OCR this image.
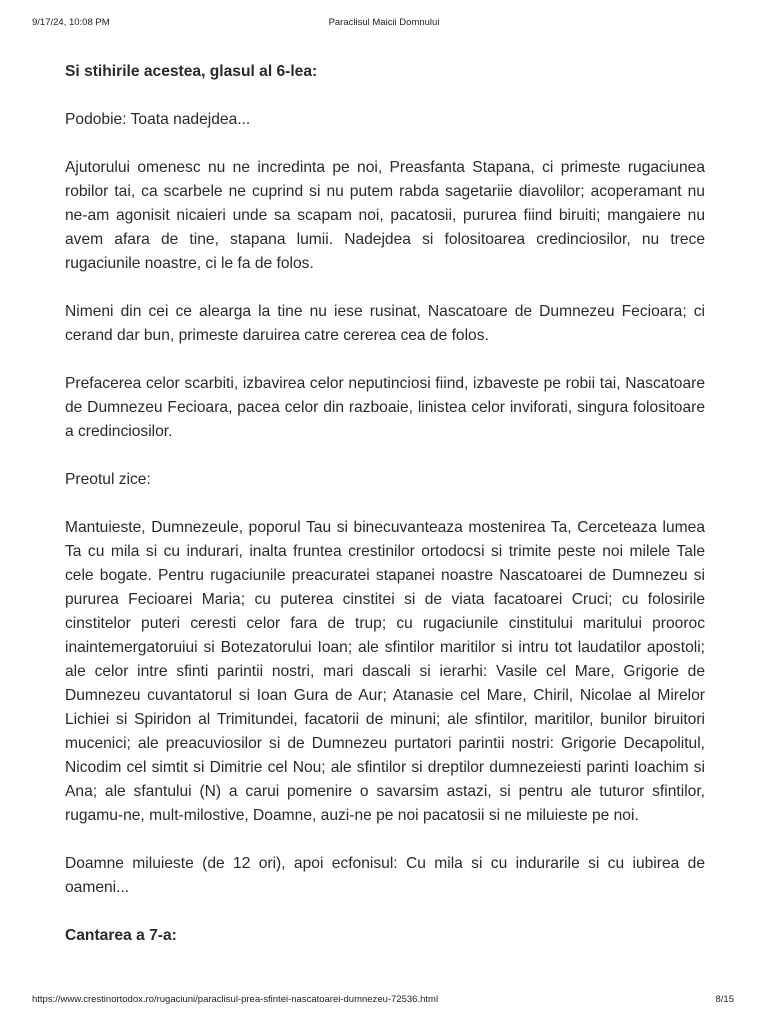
9/17/24, 10:08 PM	Paraclisul Maicii Domnului
Si stihirile acestea, glasul al 6-lea:

Podobie: Toata nadejdea...

Ajutorului omenesc nu ne incredinta pe noi, Preasfanta Stapana, ci primeste rugaciunea robilor tai, ca scarbele ne cuprind si nu putem rabda sagetariie diavolilor; acoperamant nu ne-am agonisit nicaieri unde sa scapam noi, pacatosii, pururea fiind biruiti; mangaiere nu avem afara de tine, stapana lumii. Nadejdea si folositoarea credinciosilor, nu trece rugaciunile noastre, ci le fa de folos.

Nimeni din cei ce alearga la tine nu iese rusinat, Nascatoare de Dumnezeu Fecioara; ci cerand dar bun, primeste daruirea catre cererea cea de folos.

Prefacerea celor scarbiti, izbavirea celor neputinciosi fiind, izbaveste pe robii tai, Nascatoare de Dumnezeu Fecioara, pacea celor din razboaie, linistea celor inviforati, singura folositoare a credinciosilor.

Preotul zice:

Mantuieste, Dumnezeule, poporul Tau si binecuvanteaza mostenirea Ta, Cerceteaza lumea Ta cu mila si cu indurari, inalta fruntea crestinilor ortodocsi si trimite peste noi milele Tale cele bogate. Pentru rugaciunile preacuratei stapanei noastre Nascatoarei de Dumnezeu si pururea Fecioarei Maria; cu puterea cinstitei si de viata facatoarei Cruci; cu folosirile cinstitelor puteri ceresti celor fara de trup; cu rugaciunile cinstitului maritului prooroc inaintemergatoruiui si Botezatorului Ioan; ale sfintilor maritilor si intru tot laudatilor apostoli; ale celor intre sfinti parintii nostri, mari dascali si ierarhi: Vasile cel Mare, Grigorie de Dumnezeu cuvantatorul si Ioan Gura de Aur; Atanasie cel Mare, Chiril, Nicolae al Mirelor Lichiei si Spiridon al Trimitundei, facatorii de minuni; ale sfintilor, maritilor, bunilor biruitori mucenici; ale preacuviosilor si de Dumnezeu purtatori parintii nostri: Grigorie Decapolitul, Nicodim cel simtit si Dimitrie cel Nou; ale sfintilor si dreptilor dumnezeiesti parinti Ioachim si Ana; ale sfantului (N) a carui pomenire o savarsim astazi, si pentru ale tuturor sfintilor, rugamu-ne, mult-milostive, Doamne, auzi-ne pe noi pacatosii si ne miluieste pe noi.

Doamne miluieste (de 12 ori), apoi ecfonisul: Cu mila si cu indurarile si cu iubirea de oameni...

Cantarea a 7-a:
https://www.crestinortodox.ro/rugaciuni/paraclisul-prea-sfintei-nascatoarei-dumnezeu-72536.html	8/15
